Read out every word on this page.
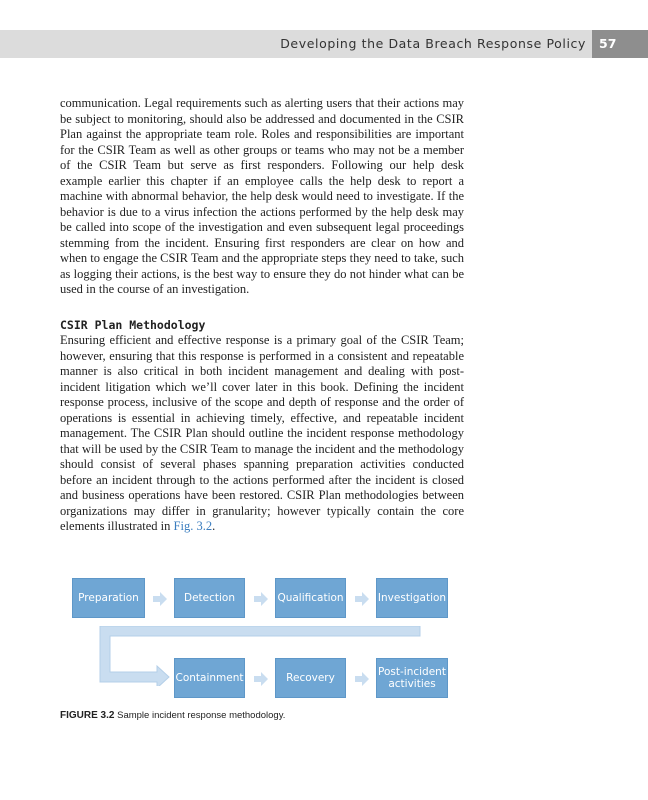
Developing the Data Breach Response Policy 57

communication. Legal requirements such as alerting users that their actions may be subject to monitoring, should also be addressed and documented in the CSIR Plan against the appropriate team role. Roles and responsibilities are important for the CSIR Team as well as other groups or teams who may not be a member of the CSIR Team but serve as first responders. Following our help desk example earlier this chapter if an employee calls the help desk to report a machine with abnormal behavior, the help desk would need to investigate. If the behavior is due to a virus infection the actions performed by the help desk may be called into scope of the investigation and even subsequent legal proceedings stemming from the incident. Ensuring first responders are clear on how and when to engage the CSIR Team and the appropriate steps they need to take, such as logging their actions, is the best way to ensure they do not hinder what can be used in the course of an investigation.

CSIR Plan Methodology

Ensuring efficient and effective response is a primary goal of the CSIR Team; however, ensuring that this response is performed in a consistent and repeatable manner is also critical in both incident management and dealing with post-incident litigation which we’ll cover later in this book. Defining the incident response process, inclusive of the scope and depth of response and the order of operations is essential in achieving timely, effective, and repeatable incident management. The CSIR Plan should outline the incident response methodology that will be used by the CSIR Team to manage the incident and the methodology should consist of several phases spanning preparation activities conducted before an incident through to the actions performed after the incident is closed and business operations have been restored. CSIR Plan methodologies between organizations may differ in granularity; however typically contain the core elements illustrated in Fig. 3.2.

Preparation	Detection	Qualification	Investigation
Containment	Recovery	Post-incident activities

FIGURE 3.2 Sample incident response methodology.
